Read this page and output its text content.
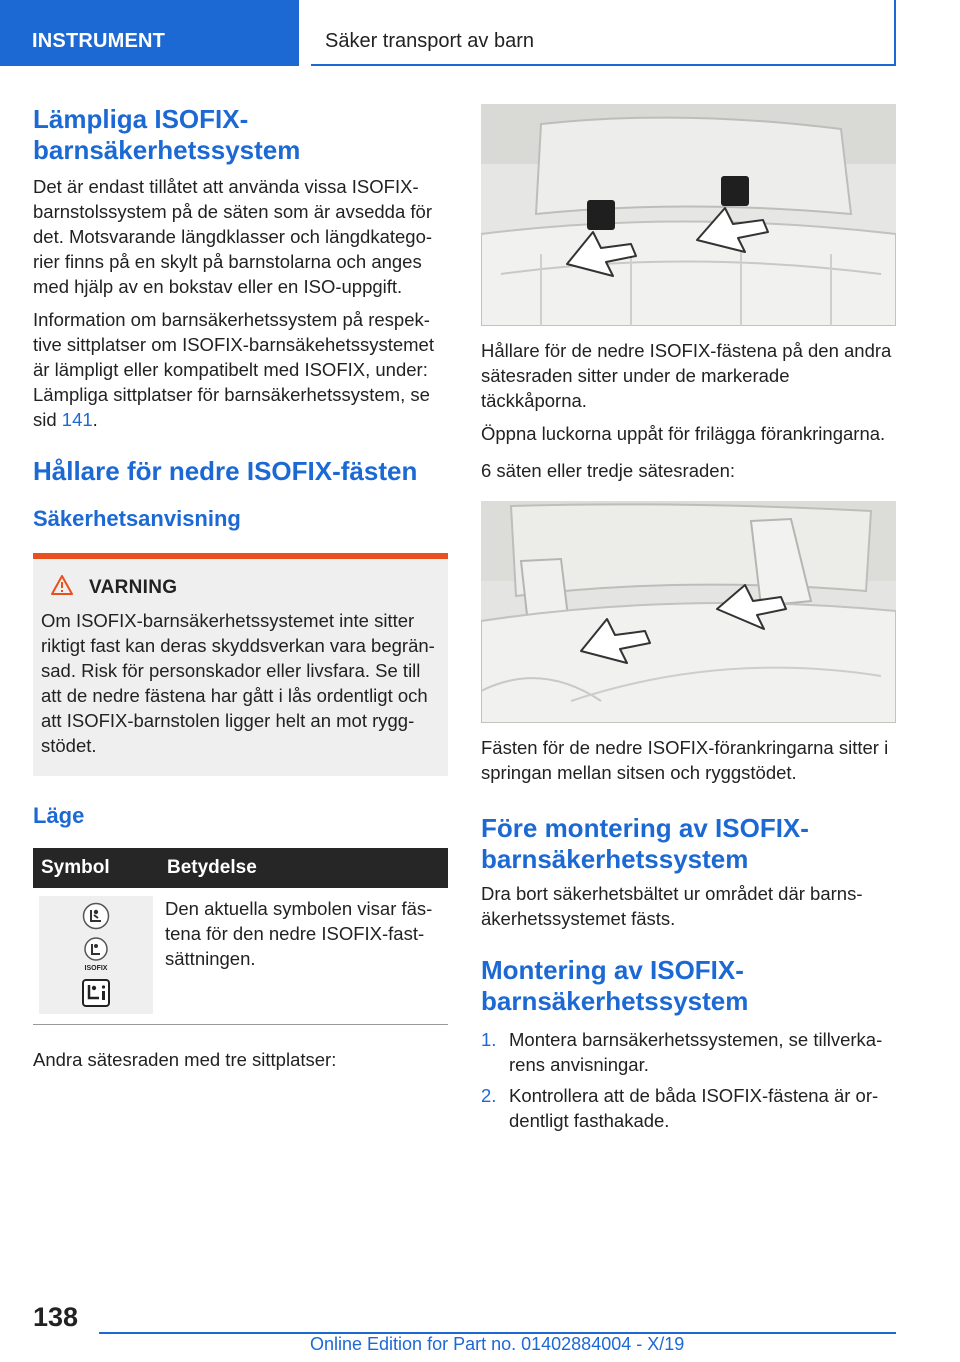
INSTRUMENT	Säker transport av barn
Lämpliga ISOFIX-barnsäkerhetssystem

Det är endast tillåtet att använda vissa ISOFIX-barnstolssystem på de säten som är avsedda för det. Motsvarande längdklasser och längdkatego-rier finns på en skylt på barnstolarna och anges med hjälp av en bokstav eller en ISO-uppgift.

Information om barnsäkerhetssystem på respek-tive sittplatser om ISOFIX-barnsäkehetssystemet är lämpligt eller kompatibelt med ISOFIX, under: Lämpliga sittplatser för barnsäkerhetssystem, se sid 141.

Hållare för nedre ISOFIX-fästen
Säkerhetsanvisning
VARNING

Om ISOFIX-barnsäkerhetssystemet inte sitter riktigt fast kan deras skyddsverkan vara begrän-sad. Risk för personskador eller livsfara. Se till att de nedre fästena har gått i lås ordentligt och att ISOFIX-barnstolen ligger helt an mot rygg-stödet.

Läge
Symbol	Betydelse

ISOFIX	Den aktuella symbolen visar fäs-tena för den nedre ISOFIX-fast-sättningen.

Andra sätesraden med tre sittplatser:

Hållare för de nedre ISOFIX-fästena på den andra sätesraden sitter under de markerade täckkåporna.

Öppna luckorna uppåt för frilägga förankringarna.

6 säten eller tredje sätesraden:

Fästen för de nedre ISOFIX-förankringarna sitter i springan mellan sitsen och ryggstödet.

Före montering av ISOFIX-barnsäkerhetssystem

Dra bort säkerhetsbältet ur området där barns-äkerhetssystemet fästs.

Montering av ISOFIX-barnsäkerhetssystem
1. Montera barnsäkerhetssystemen, se tillverka-rens anvisningar.
2. Kontrollera att de båda ISOFIX-fästena är or-dentligt fasthakade.
138
Online Edition for Part no. 01402884004 - X/19
